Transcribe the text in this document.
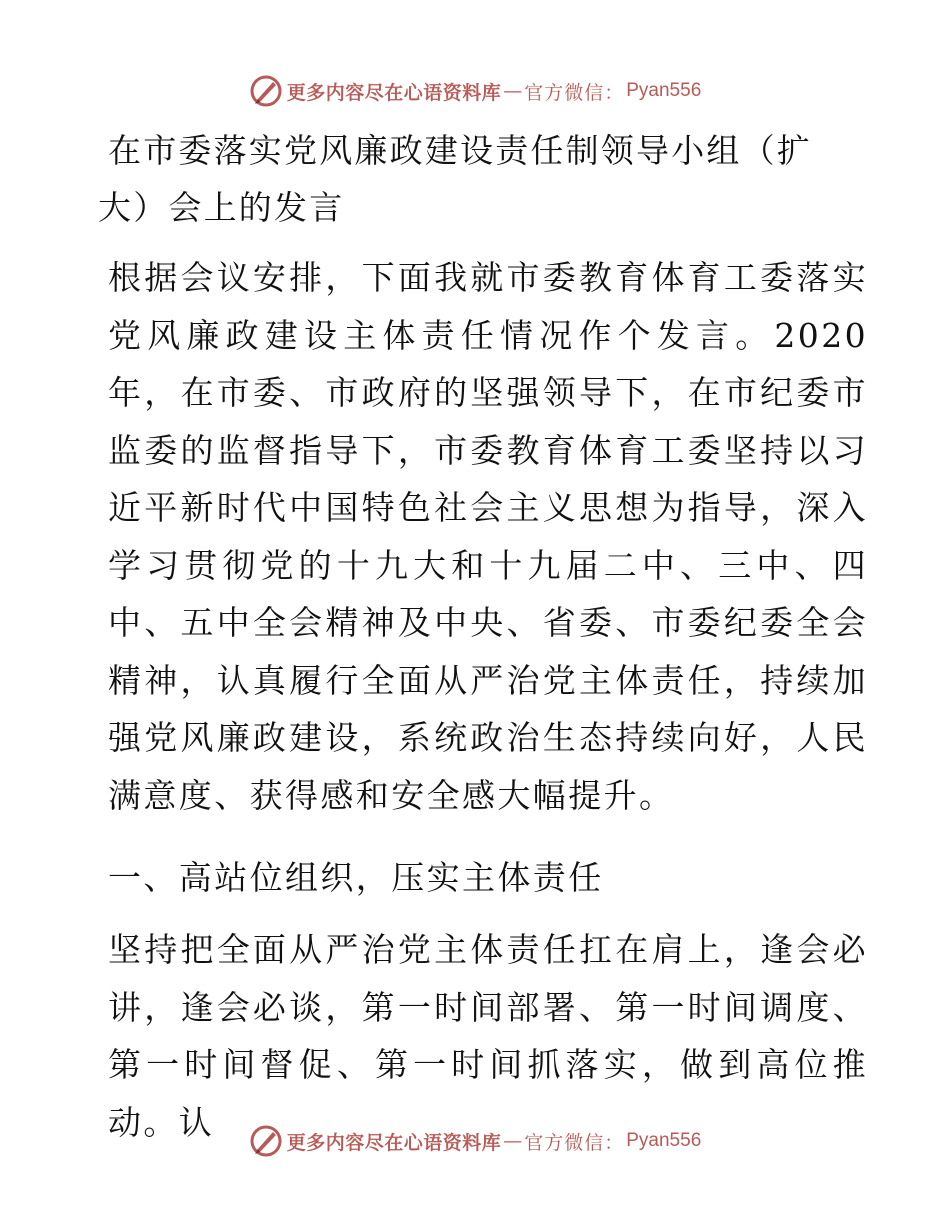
更多内容尽在心语资料库 — 官方微信： Pyan556
在市委落实党风廉政建设责任制领导小组（扩
大）会上的发言

根据会议安排，下面我就市委教育体育工委落实党风廉政建设主体责任情况作个发言。2020年，在市委、市政府的坚强领导下，在市纪委市监委的监督指导下，市委教育体育工委坚持以习近平新时代中国特色社会主义思想为指导，深入学习贯彻党的十九大和十九届二中、三中、四中、五中全会精神及中央、省委、市委纪委全会精神，认真履行全面从严治党主体责任，持续加强党风廉政建设，系统政治生态持续向好，人民满意度、获得感和安全感大幅提升。

一、高站位组织，压实主体责任

坚持把全面从严治党主体责任扛在肩上，逢会必讲，逢会必谈，第一时间部署、第一时间调度、第一时间督促、第一时间抓落实，做到高位推动。认

更多内容尽在心语资料库 — 官方微信： Pyan556
